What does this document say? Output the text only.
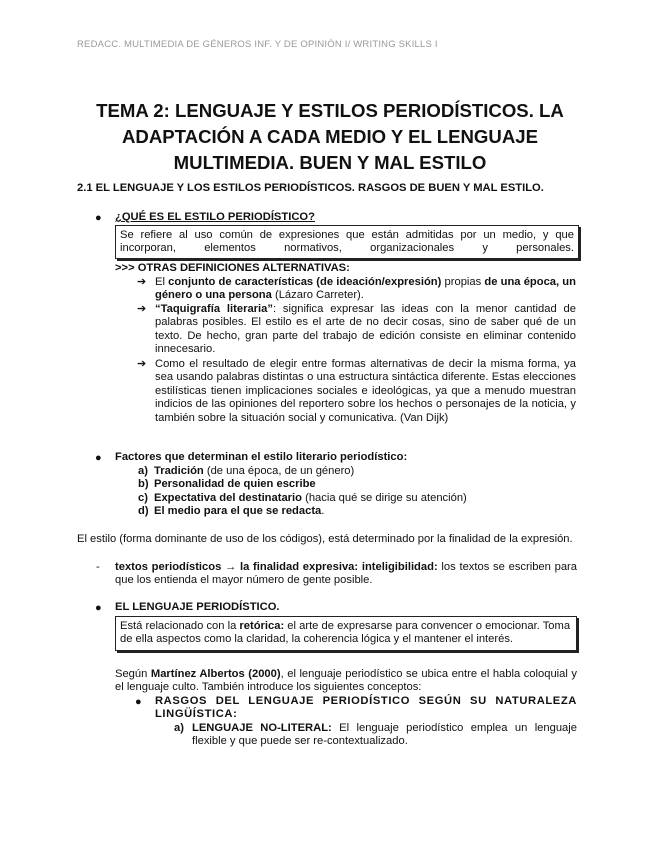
REDACC. MULTIMEDIA DE GÉNEROS INF. Y DE OPINIÓN I/ WRITING SKILLS I
TEMA 2: LENGUAJE Y ESTILOS PERIODÍSTICOS. LA
ADAPTACIÓN A CADA MEDIO Y EL LENGUAJE
MULTIMEDIA. BUEN Y MAL ESTILO
2.1 EL LENGUAJE Y LOS ESTILOS PERIODÍSTICOS. RASGOS DE BUEN Y MAL ESTILO.
● ¿QUÉ ES EL ESTILO PERIODÍSTICO?
Se refiere al uso común de expresiones que están admitidas por un medio, y que incorporan, elementos normativos, organizacionales y personales.
>>> OTRAS DEFINICIONES ALTERNATIVAS:
➔ El conjunto de características (de ideación/expresión) propias de una época, un género o una persona (Lázaro Carreter).
➔ “Taquigrafía literaria”: significa expresar las ideas con la menor cantidad de palabras posibles. El estilo es el arte de no decir cosas, sino de saber qué de un texto. De hecho, gran parte del trabajo de edición consiste en eliminar contenido innecesario.
➔ Como el resultado de elegir entre formas alternativas de decir la misma forma, ya sea usando palabras distintas o una estructura sintáctica diferente. Estas elecciones estilísticas tienen implicaciones sociales e ideológicas, ya que a menudo muestran indicios de las opiniones del reportero sobre los hechos o personajes de la noticia, y también sobre la situación social y comunicativa. (Van Dijk)
● Factores que determinan el estilo literario periodístico:
a) Tradición (de una época, de un género)
b) Personalidad de quien escribe
c) Expectativa del destinatario (hacia qué se dirige su atención)
d) El medio para el que se redacta.
El estilo (forma dominante de uso de los códigos), está determinado por la finalidad de la expresión.
- textos periodísticos → la finalidad expresiva: inteligibilidad: los textos se escriben para que los entienda el mayor número de gente posible.
● EL LENGUAJE PERIODÍSTICO.
Está relacionado con la retórica: el arte de expresarse para convencer o emocionar. Toma de ella aspectos como la claridad, la coherencia lógica y el mantener el interés.
Según Martínez Albertos (2000), el lenguaje periodístico se ubica entre el habla coloquial y el lenguaje culto. También introduce los siguientes conceptos:
● RASGOS DEL LENGUAJE PERIODÍSTICO SEGÚN SU NATURALEZA LINGÜÍSTICA:
a) LENGUAJE NO-LITERAL: El lenguaje periodístico emplea un lenguaje flexible y que puede ser re-contextualizado.
